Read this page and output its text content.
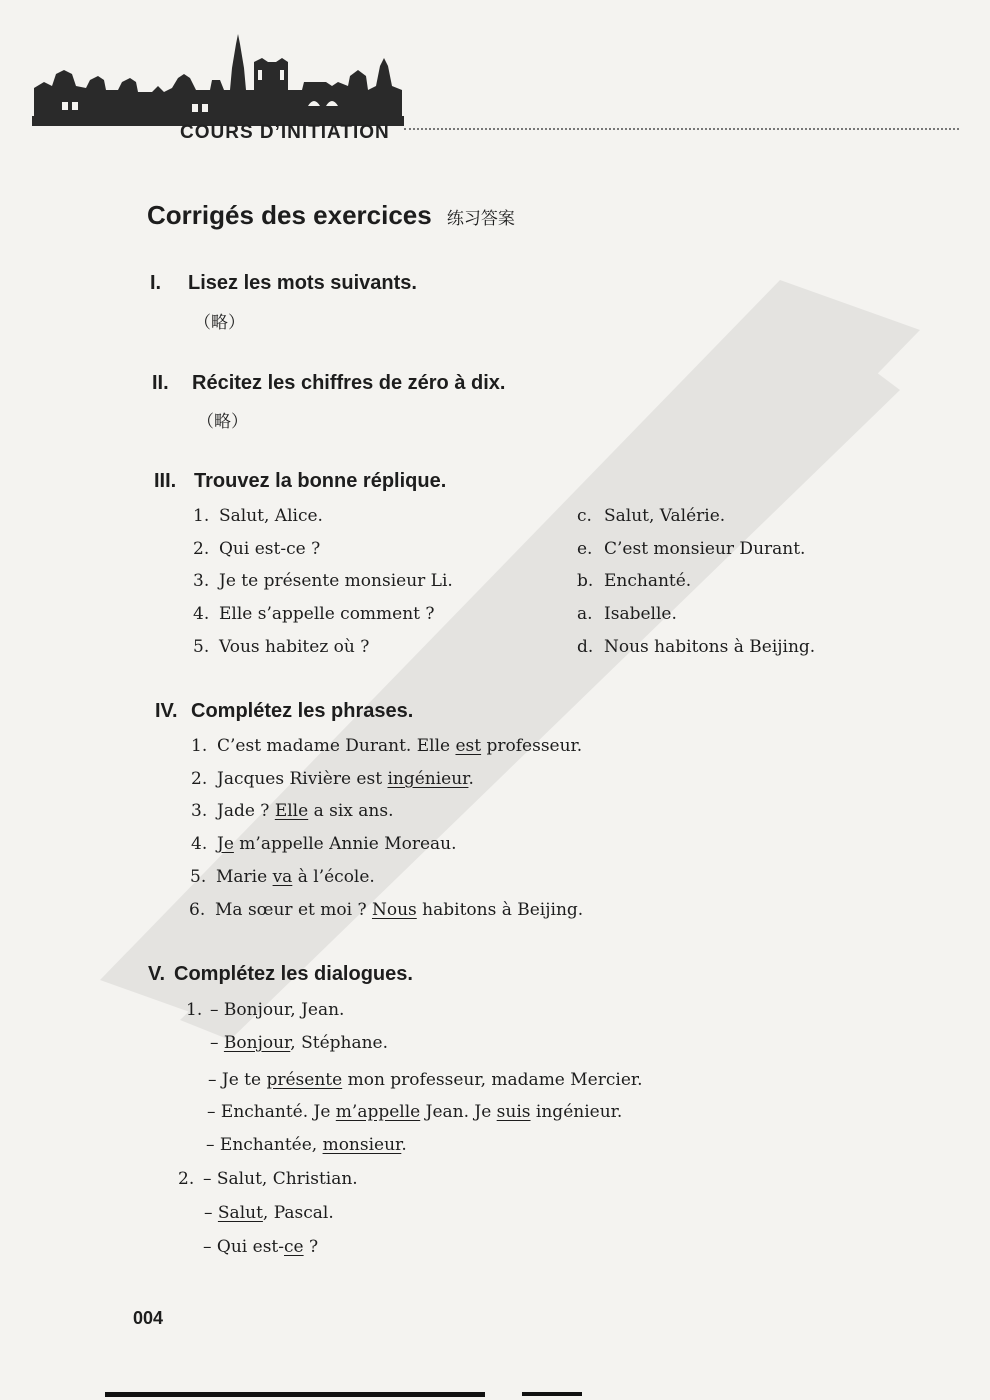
COURS D’INITIATION
Corrigés des exercices 练习答案
I. Lisez les mots suivants.
（略）
II. Récitez les chiffres de zéro à dix.
（略）
III. Trouvez la bonne réplique.
1. Salut, Alice.
2. Qui est-ce ?
3. Je te présente monsieur Li.
4. Elle s’appelle comment ?
5. Vous habitez où ?
c. Salut, Valérie.
e. C’est monsieur Durant.
b. Enchanté.
a. Isabelle.
d. Nous habitons à Beijing.
IV. Complétez les phrases.
1. C’est madame Durant. Elle est professeur.
2. Jacques Rivière est ingénieur.
3. Jade ? Elle a six ans.
4. Je m’appelle Annie Moreau.
5. Marie va à l’école.
6. Ma sœur et moi ? Nous habitons à Beijing.
V. Complétez les dialogues.
1. – Bonjour, Jean.
– Bonjour, Stéphane.
– Je te présente mon professeur, madame Mercier.
– Enchanté. Je m’appelle Jean. Je suis ingénieur.
– Enchantée, monsieur.
2. – Salut, Christian.
– Salut, Pascal.
– Qui est-ce ?
004
